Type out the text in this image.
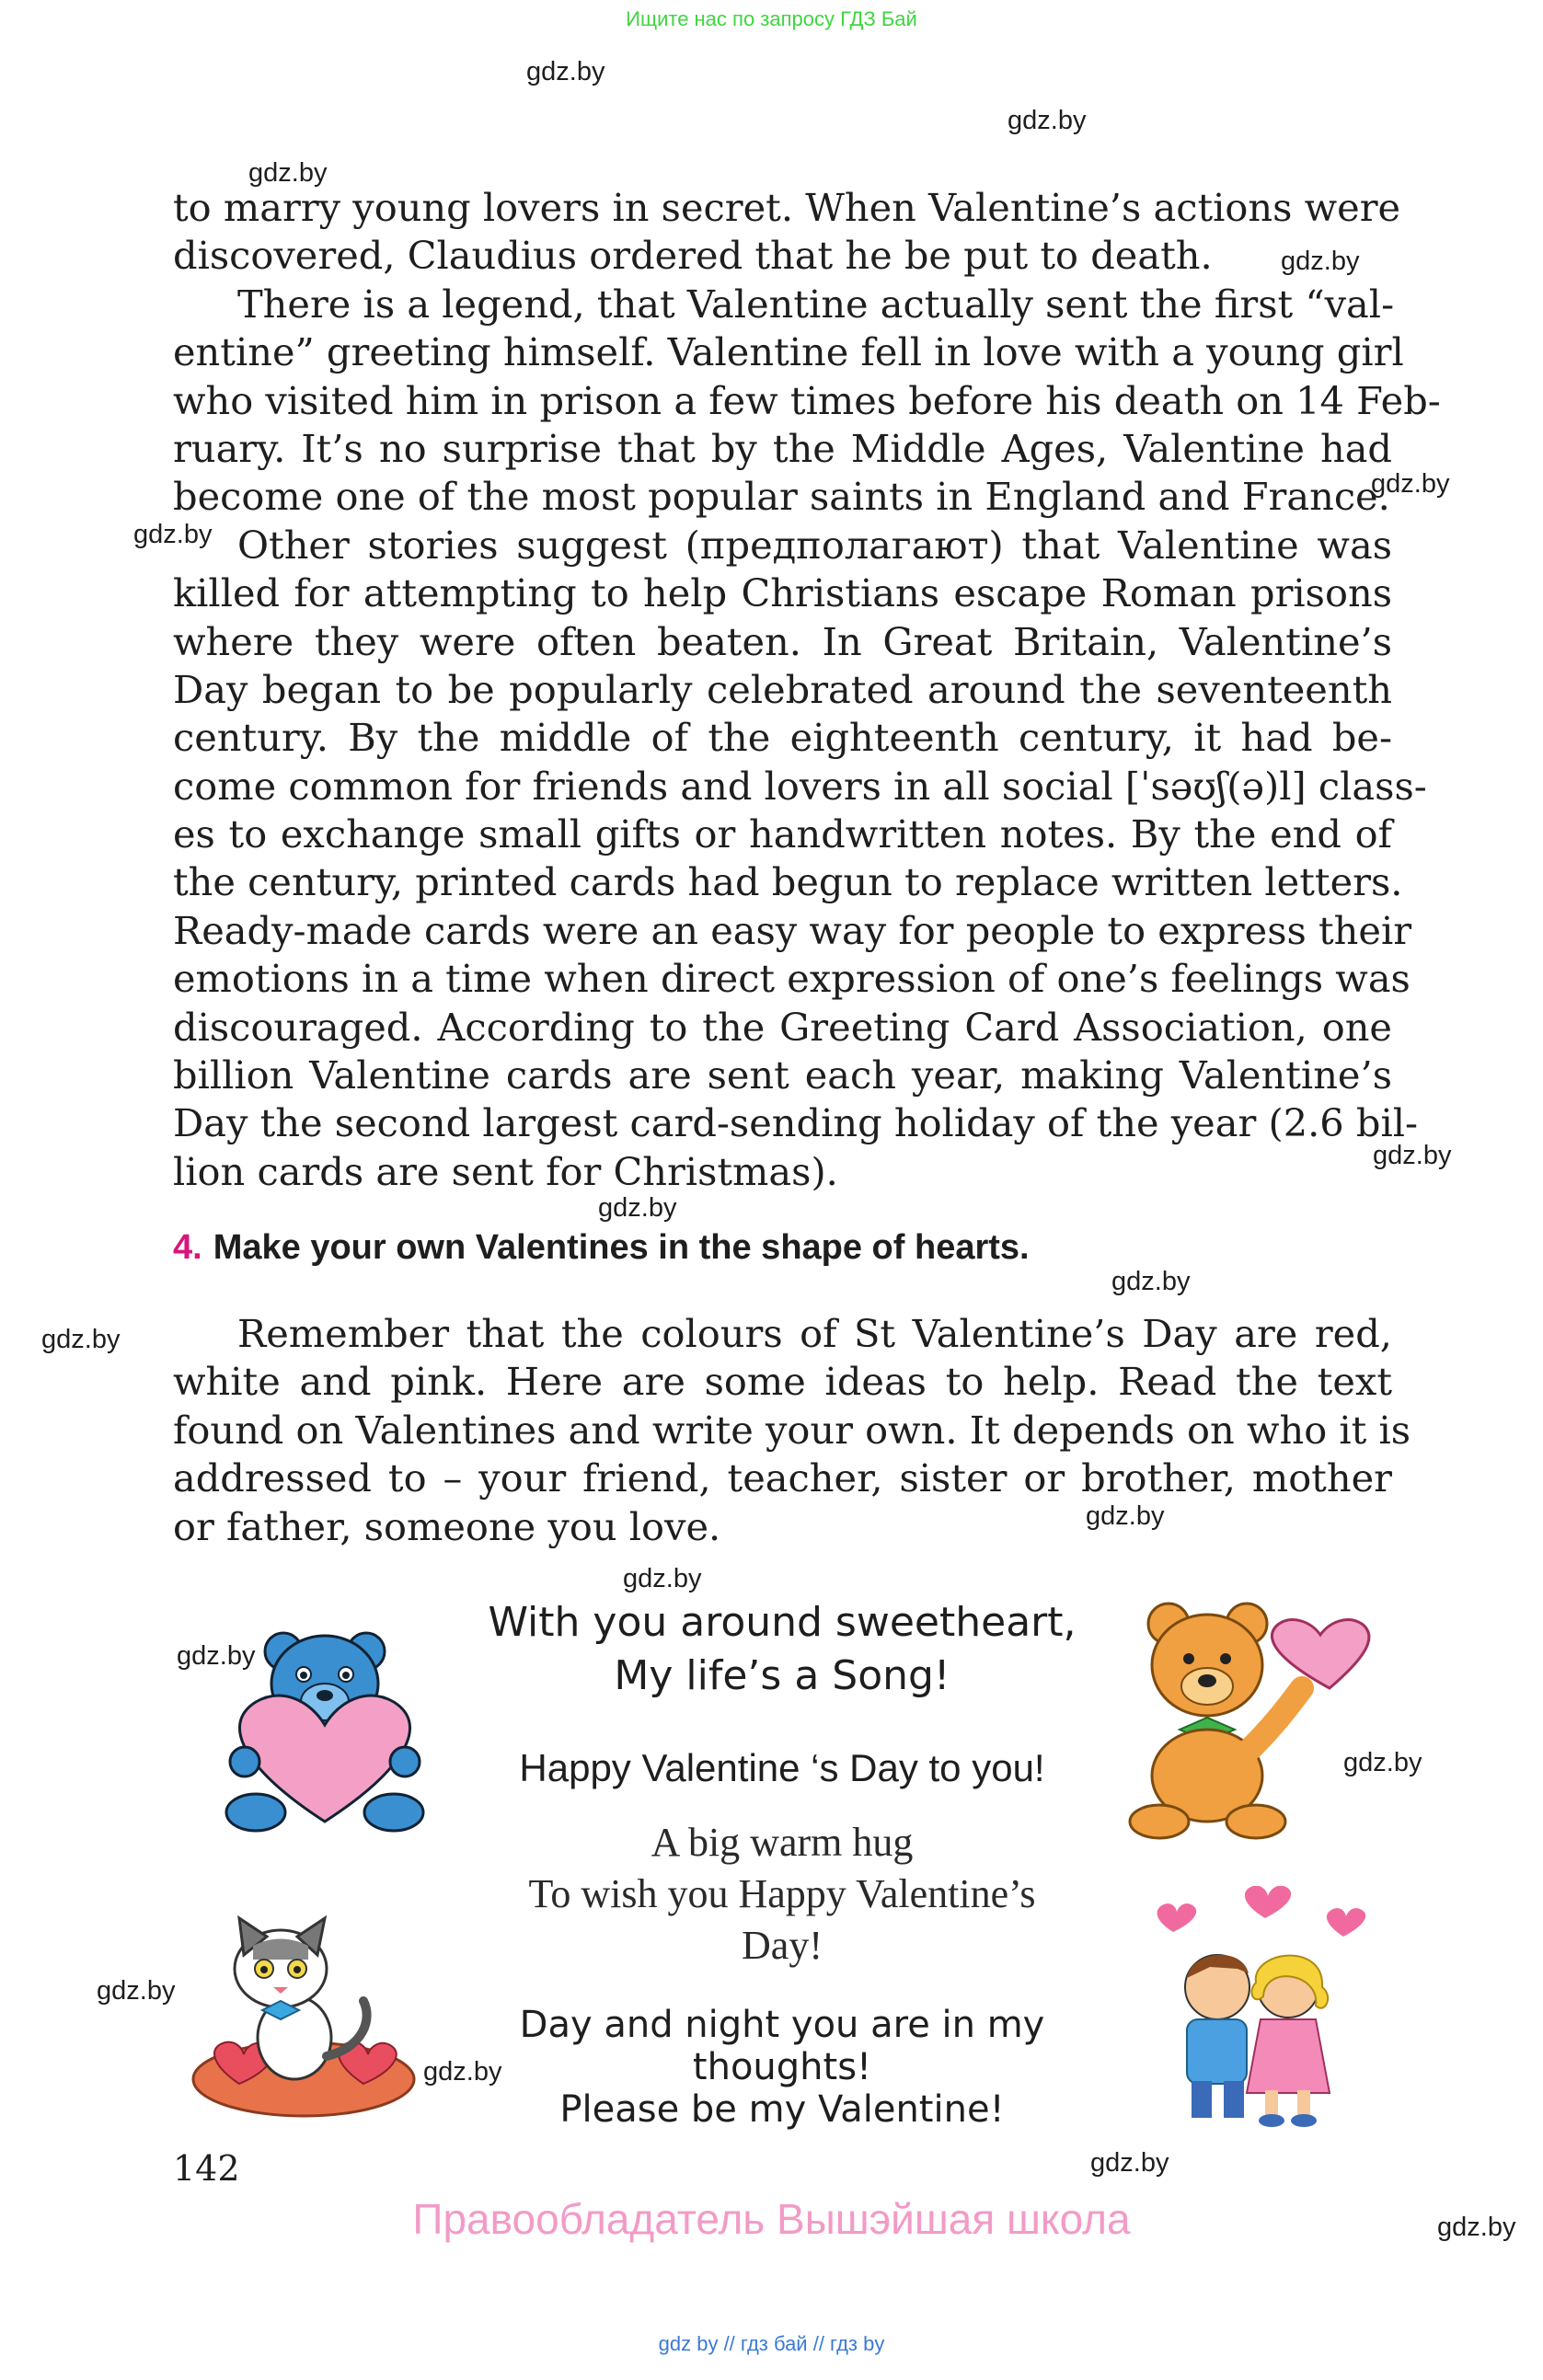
Ищите нас по запросу ГДЗ Бай
gdz.by
gdz.by
gdz.by
gdz.by
gdz.by
gdz.by
gdz.by
gdz.by
gdz.by
gdz.by
gdz.by
gdz.by
gdz.by
gdz.by
gdz.by
gdz.by
gdz.by
gdz.by
to marry young lovers in secret. When Valentine’s actions were
discovered, Claudius ordered that he be put to death.
There is a legend, that Valentine actually sent the first “val-
entine” greeting himself. Valentine fell in love with a young girl
who visited him in prison a few times before his death on 14 Feb-
ruary. It’s no surprise that by the Middle Ages, Valentine had
become one of the most popular saints in England and France.
Other stories suggest (предполагают) that Valentine was
killed for attempting to help Christians escape Roman prisons
where they were often beaten. In Great Britain, Valentine’s
Day began to be popularly celebrated around the seventeenth
century. By the middle of the eighteenth century, it had be-
come common for friends and lovers in all social [ˈsəʊʃ(ə)l] class-
es to exchange small gifts or handwritten notes. By the end of
the century, printed cards had begun to replace written letters.
Ready-made cards were an easy way for people to express their
emotions in a time when direct expression of one’s feelings was
discouraged. According to the Greeting Card Association, one
billion Valentine cards are sent each year, making Valentine’s
Day the second largest card-sending holiday of the year (2.6 bil-
lion cards are sent for Christmas).
4. Make your own Valentines in the shape of hearts.
Remember that the colours of St Valentine’s Day are red,
white and pink. Here are some ideas to help. Read the text
found on Valentines and write your own. It depends on who it is
addressed to – your friend, teacher, sister or brother, mother
or father, someone you love.
With you around sweetheart,
My life’s a Song!
Happy Valentine ‘s Day to you!
A big warm hug
To wish you Happy Valentine’s
Day!
Day and night you are in my
thoughts!
Please be my Valentine!
142
Правообладатель Вышэйшая школа
gdz by // гдз бай // гдз by
